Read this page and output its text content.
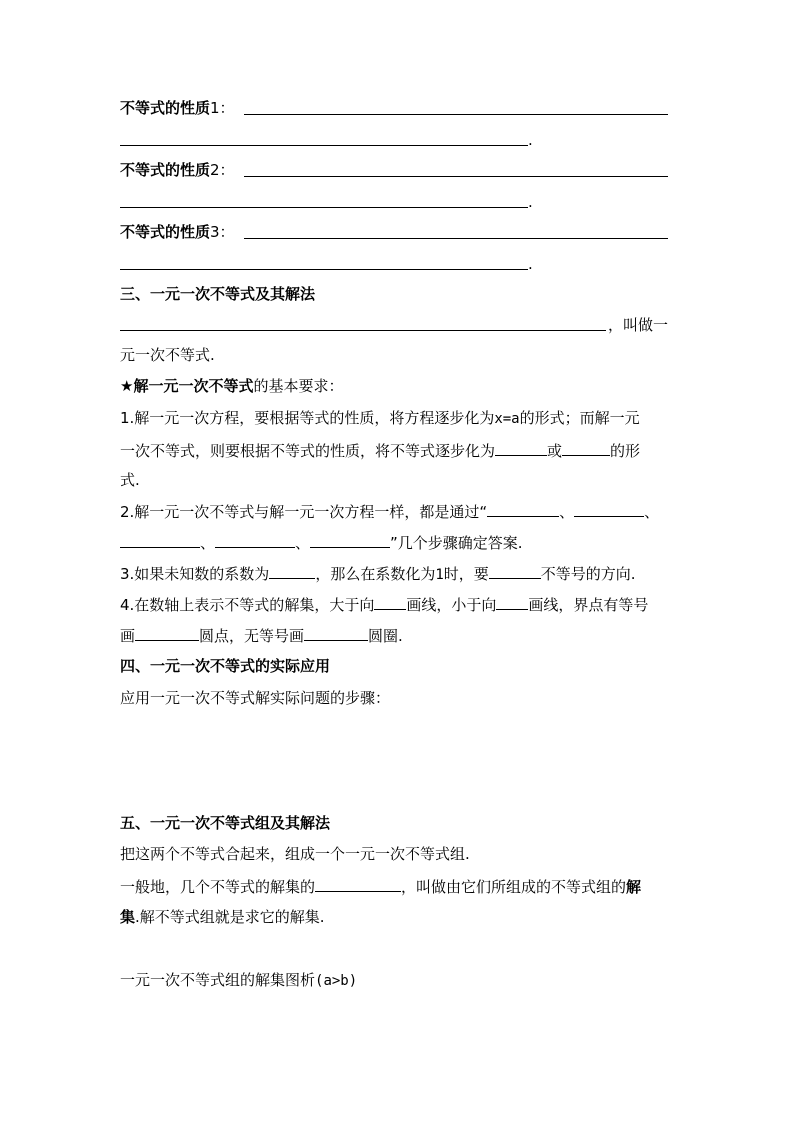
不等式的性质1：
.
不等式的性质2：
.
不等式的性质3：
.
三、一元一次不等式及其解法
，叫做一
元一次不等式.
★解一元一次不等式的基本要求：
1.解一元一次方程，要根据等式的性质，将方程逐步化为x=a的形式；而解一元
一次不等式，则要根据不等式的性质，将不等式逐步化为	或	的形
式.
2.解一元一次不等式与解一元一次方程一样，都是通过“	、	、
、	、	”几个步骤确定答案.
3.如果未知数的系数为	，那么在系数化为1时，要	不等号的方向.
4.在数轴上表示不等式的解集，大于向 画线，小于向 画线，界点有等号
画	圆点，无等号画	圆圈.
四、一元一次不等式的实际应用
应用一元一次不等式解实际问题的步骤：
五、一元一次不等式组及其解法
把这两个不等式合起来，组成一个一元一次不等式组.
一般地，几个不等式的解集的	，叫做由它们所组成的不等式组的解
集.解不等式组就是求它的解集.
一元一次不等式组的解集图析(a>b)
